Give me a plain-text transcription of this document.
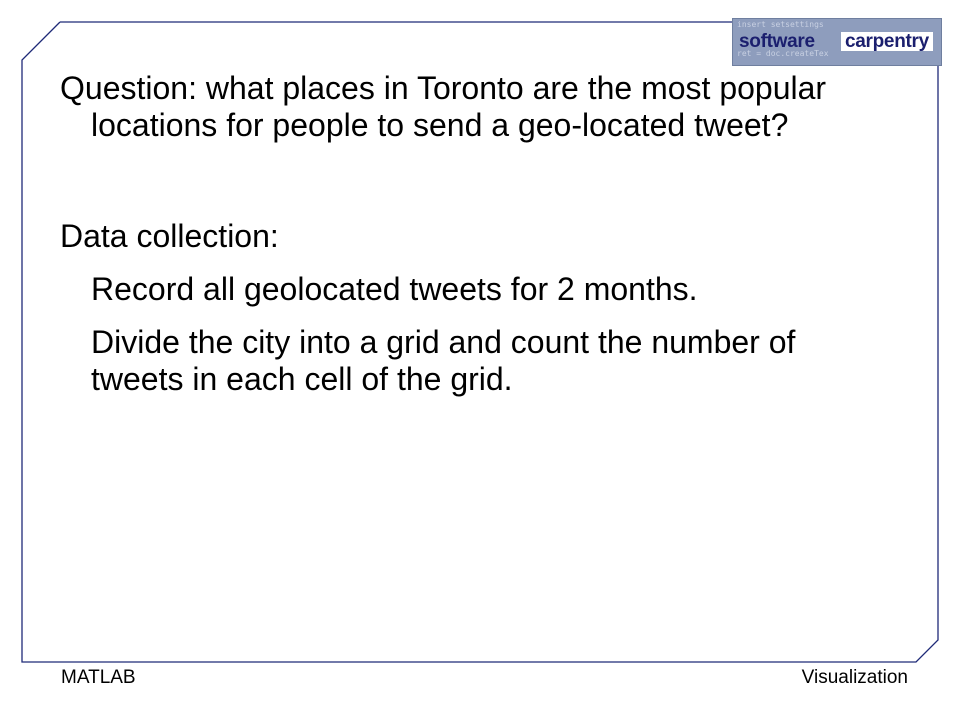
insert setsettings
ret = doc.createTex
software carpentry

Question: what places in Toronto are the most popular locations for people to send a geo-located tweet?

Data collection:

Record all geolocated tweets for 2 months.

Divide the city into a grid and count the number of tweets in each cell of the grid.

MATLAB	Visualization
